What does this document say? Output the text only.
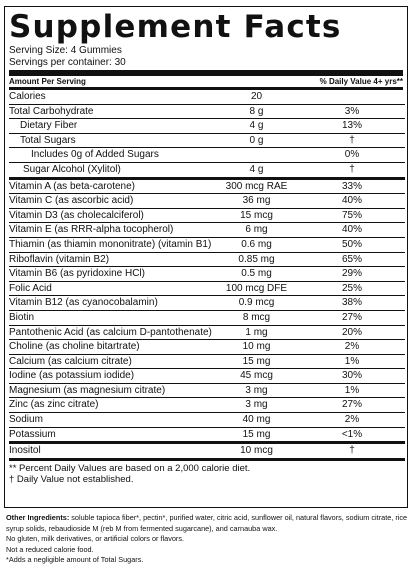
Supplement Facts
Serving Size: 4 Gummies
Servings per container: 30
Amount Per Serving	% Daily Value 4+ yrs**
Calories	20	
Total Carbohydrate	8 g	3%
Dietary Fiber	4 g	13%
Total Sugars	0 g	†
Includes 0g of Added Sugars		0%
Sugar Alcohol (Xylitol)	4 g	†
Vitamin A (as beta-carotene)	300 mcg RAE	33%
Vitamin C (as ascorbic acid)	36 mg	40%
Vitamin D3 (as cholecalciferol)	15 mcg	75%
Vitamin E (as RRR-alpha tocopherol)	6 mg	40%
Thiamin (as thiamin mononitrate) (vitamin B1)	0.6 mg	50%
Riboflavin (vitamin B2)	0.85 mg	65%
Vitamin B6 (as pyridoxine HCl)	0.5 mg	29%
Folic Acid	100 mcg DFE	25%
Vitamin B12 (as cyanocobalamin)	0.9 mcg	38%
Biotin	8 mcg	27%
Pantothenic Acid (as calcium D-pantothenate)	1 mg	20%
Choline (as choline bitartrate)	10 mg	2%
Calcium (as calcium citrate)	15 mg	1%
Iodine (as potassium iodide)	45 mcg	30%
Magnesium (as magnesium citrate)	3 mg	1%
Zinc (as zinc citrate)	3 mg	27%
Sodium	40 mg	2%
Potassium	15 mg	<1%
Inositol	10 mcg	†
** Percent Daily Values are based on a 2,000 calorie diet.
† Daily Value not established.

Other Ingredients: soluble tapioca fiber*, pectin*, purified water, citric acid, sunflower oil, natural flavors, sodium citrate, rice syrup solids, rebaudioside M (reb M from fermented sugarcane), and carnauba wax.

No gluten, milk derivatives, or artificial colors or flavors.

Not a reduced calorie food.

*Adds a negligible amount of Total Sugars.
